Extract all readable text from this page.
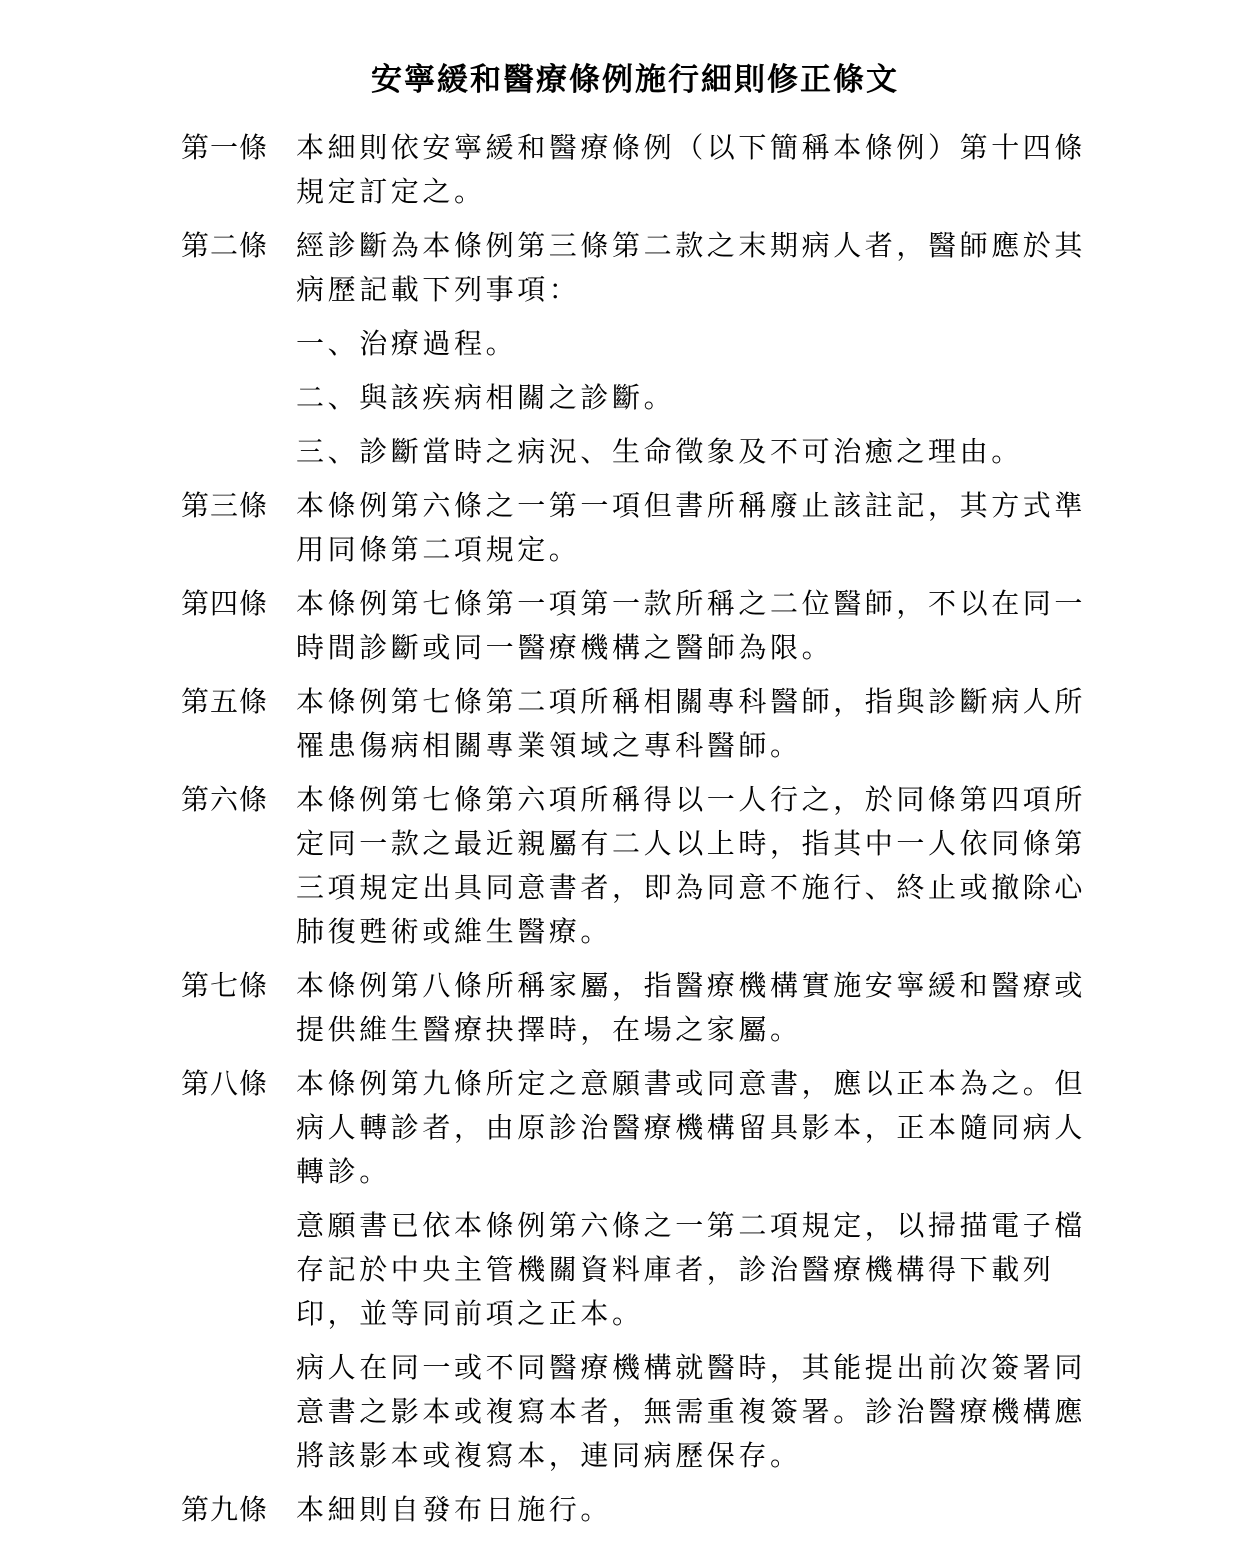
安寧緩和醫療條例施行細則修正條文
第一條 本細則依安寧緩和醫療條例（以下簡稱本條例）第十四條規定訂定之。

第二條 經診斷為本條例第三條第二款之末期病人者，醫師應於其病歷記載下列事項：

一、治療過程。

二、與該疾病相關之診斷。

三、診斷當時之病況、生命徵象及不可治癒之理由。

第三條 本條例第六條之一第一項但書所稱廢止該註記，其方式準用同條第二項規定。

第四條 本條例第七條第一項第一款所稱之二位醫師，不以在同一時間診斷或同一醫療機構之醫師為限。

第五條 本條例第七條第二項所稱相關專科醫師，指與診斷病人所罹患傷病相關專業領域之專科醫師。

第六條 本條例第七條第六項所稱得以一人行之，於同條第四項所定同一款之最近親屬有二人以上時，指其中一人依同條第三項規定出具同意書者，即為同意不施行、終止或撤除心肺復甦術或維生醫療。

第七條 本條例第八條所稱家屬，指醫療機構實施安寧緩和醫療或提供維生醫療抉擇時，在場之家屬。

第八條 本條例第九條所定之意願書或同意書，應以正本為之。但病人轉診者，由原診治醫療機構留具影本，正本隨同病人轉診。

意願書已依本條例第六條之一第二項規定，以掃描電子檔存記於中央主管機關資料庫者，診治醫療機構得下載列印，並等同前項之正本。

病人在同一或不同醫療機構就醫時，其能提出前次簽署同意書之影本或複寫本者，無需重複簽署。診治醫療機構應將該影本或複寫本，連同病歷保存。

第九條 本細則自發布日施行。
